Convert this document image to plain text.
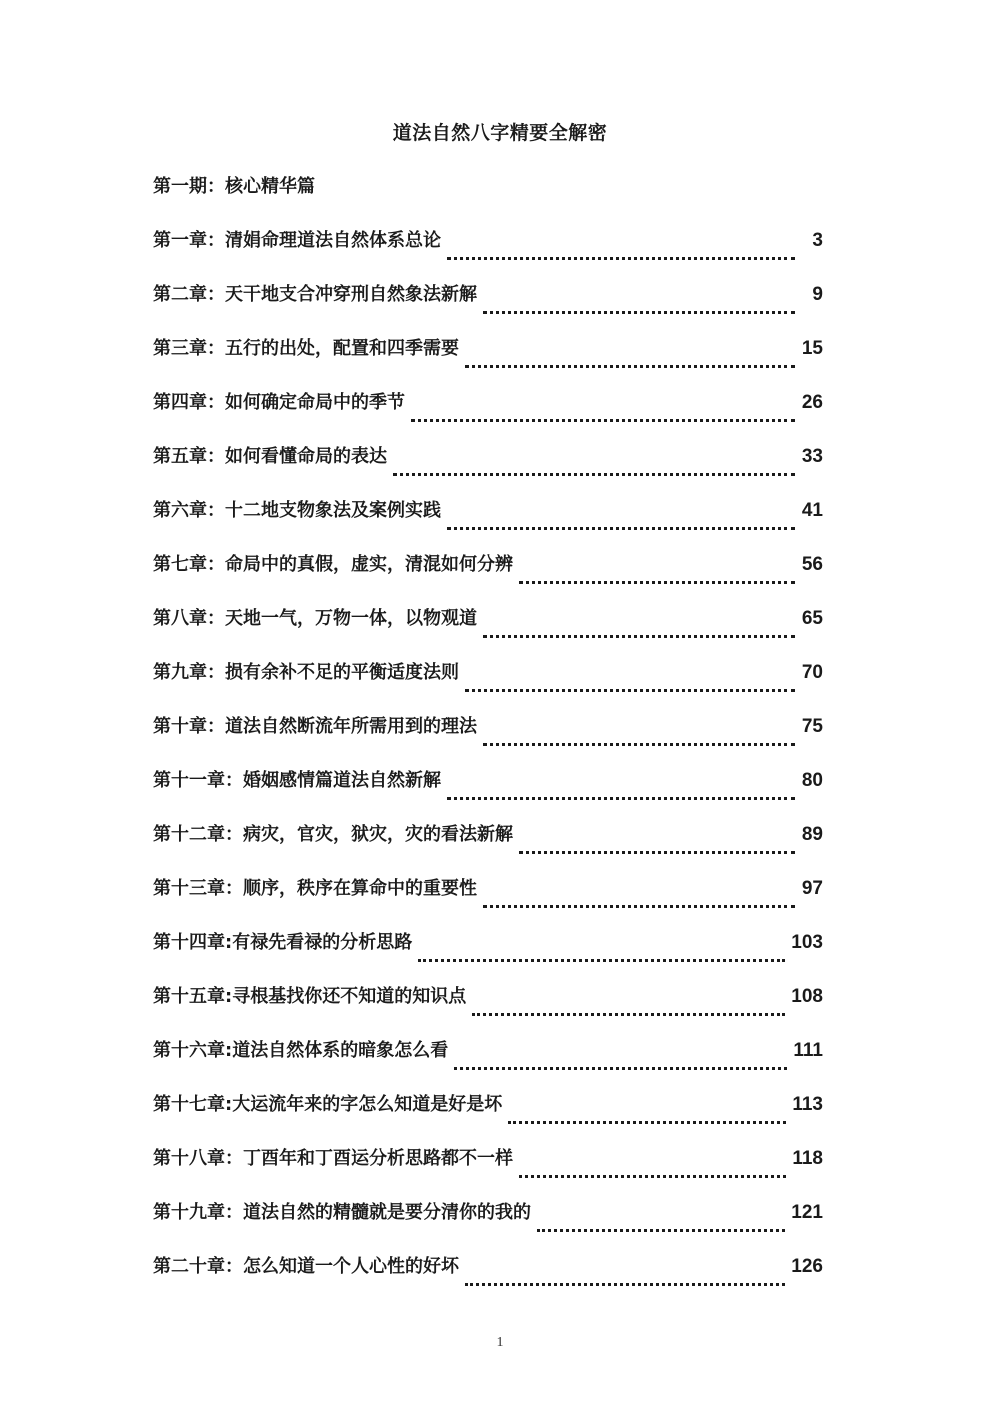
道法自然八字精要全解密
第一期：核心精华篇
第一章： 清娟命理道法自然体系总论	3
第二章： 天干地支合冲穿刑自然象法新解	9
第三章： 五行的出处，配置和四季需要	15
第四章： 如何确定命局中的季节	26
第五章： 如何看懂命局的表达	33
第六章： 十二地支物象法及案例实践	41
第七章： 命局中的真假，虚实，清混如何分辨	56
第八章： 天地一气，万物一体，以物观道	65
第九章： 损有余补不足的平衡适度法则	70
第十章： 道法自然断流年所需用到的理法	75
第十一章： 婚姻感情篇道法自然新解	80
第十二章： 病灾，官灾，狱灾，灾的看法新解	89
第十三章： 顺序，秩序在算命中的重要性	97
第十四章: 有禄先看禄的分析思路	103
第十五章: 寻根基找你还不知道的知识点	108
第十六章: 道法自然体系的暗象怎么看	111
第十七章: 大运流年来的字怎么知道是好是坏	113
第十八章： 丁酉年和丁酉运分析思路都不一样	118
第十九章： 道法自然的精髓就是要分清你的我的	121
第二十章： 怎么知道一个人心性的好坏	126
1
